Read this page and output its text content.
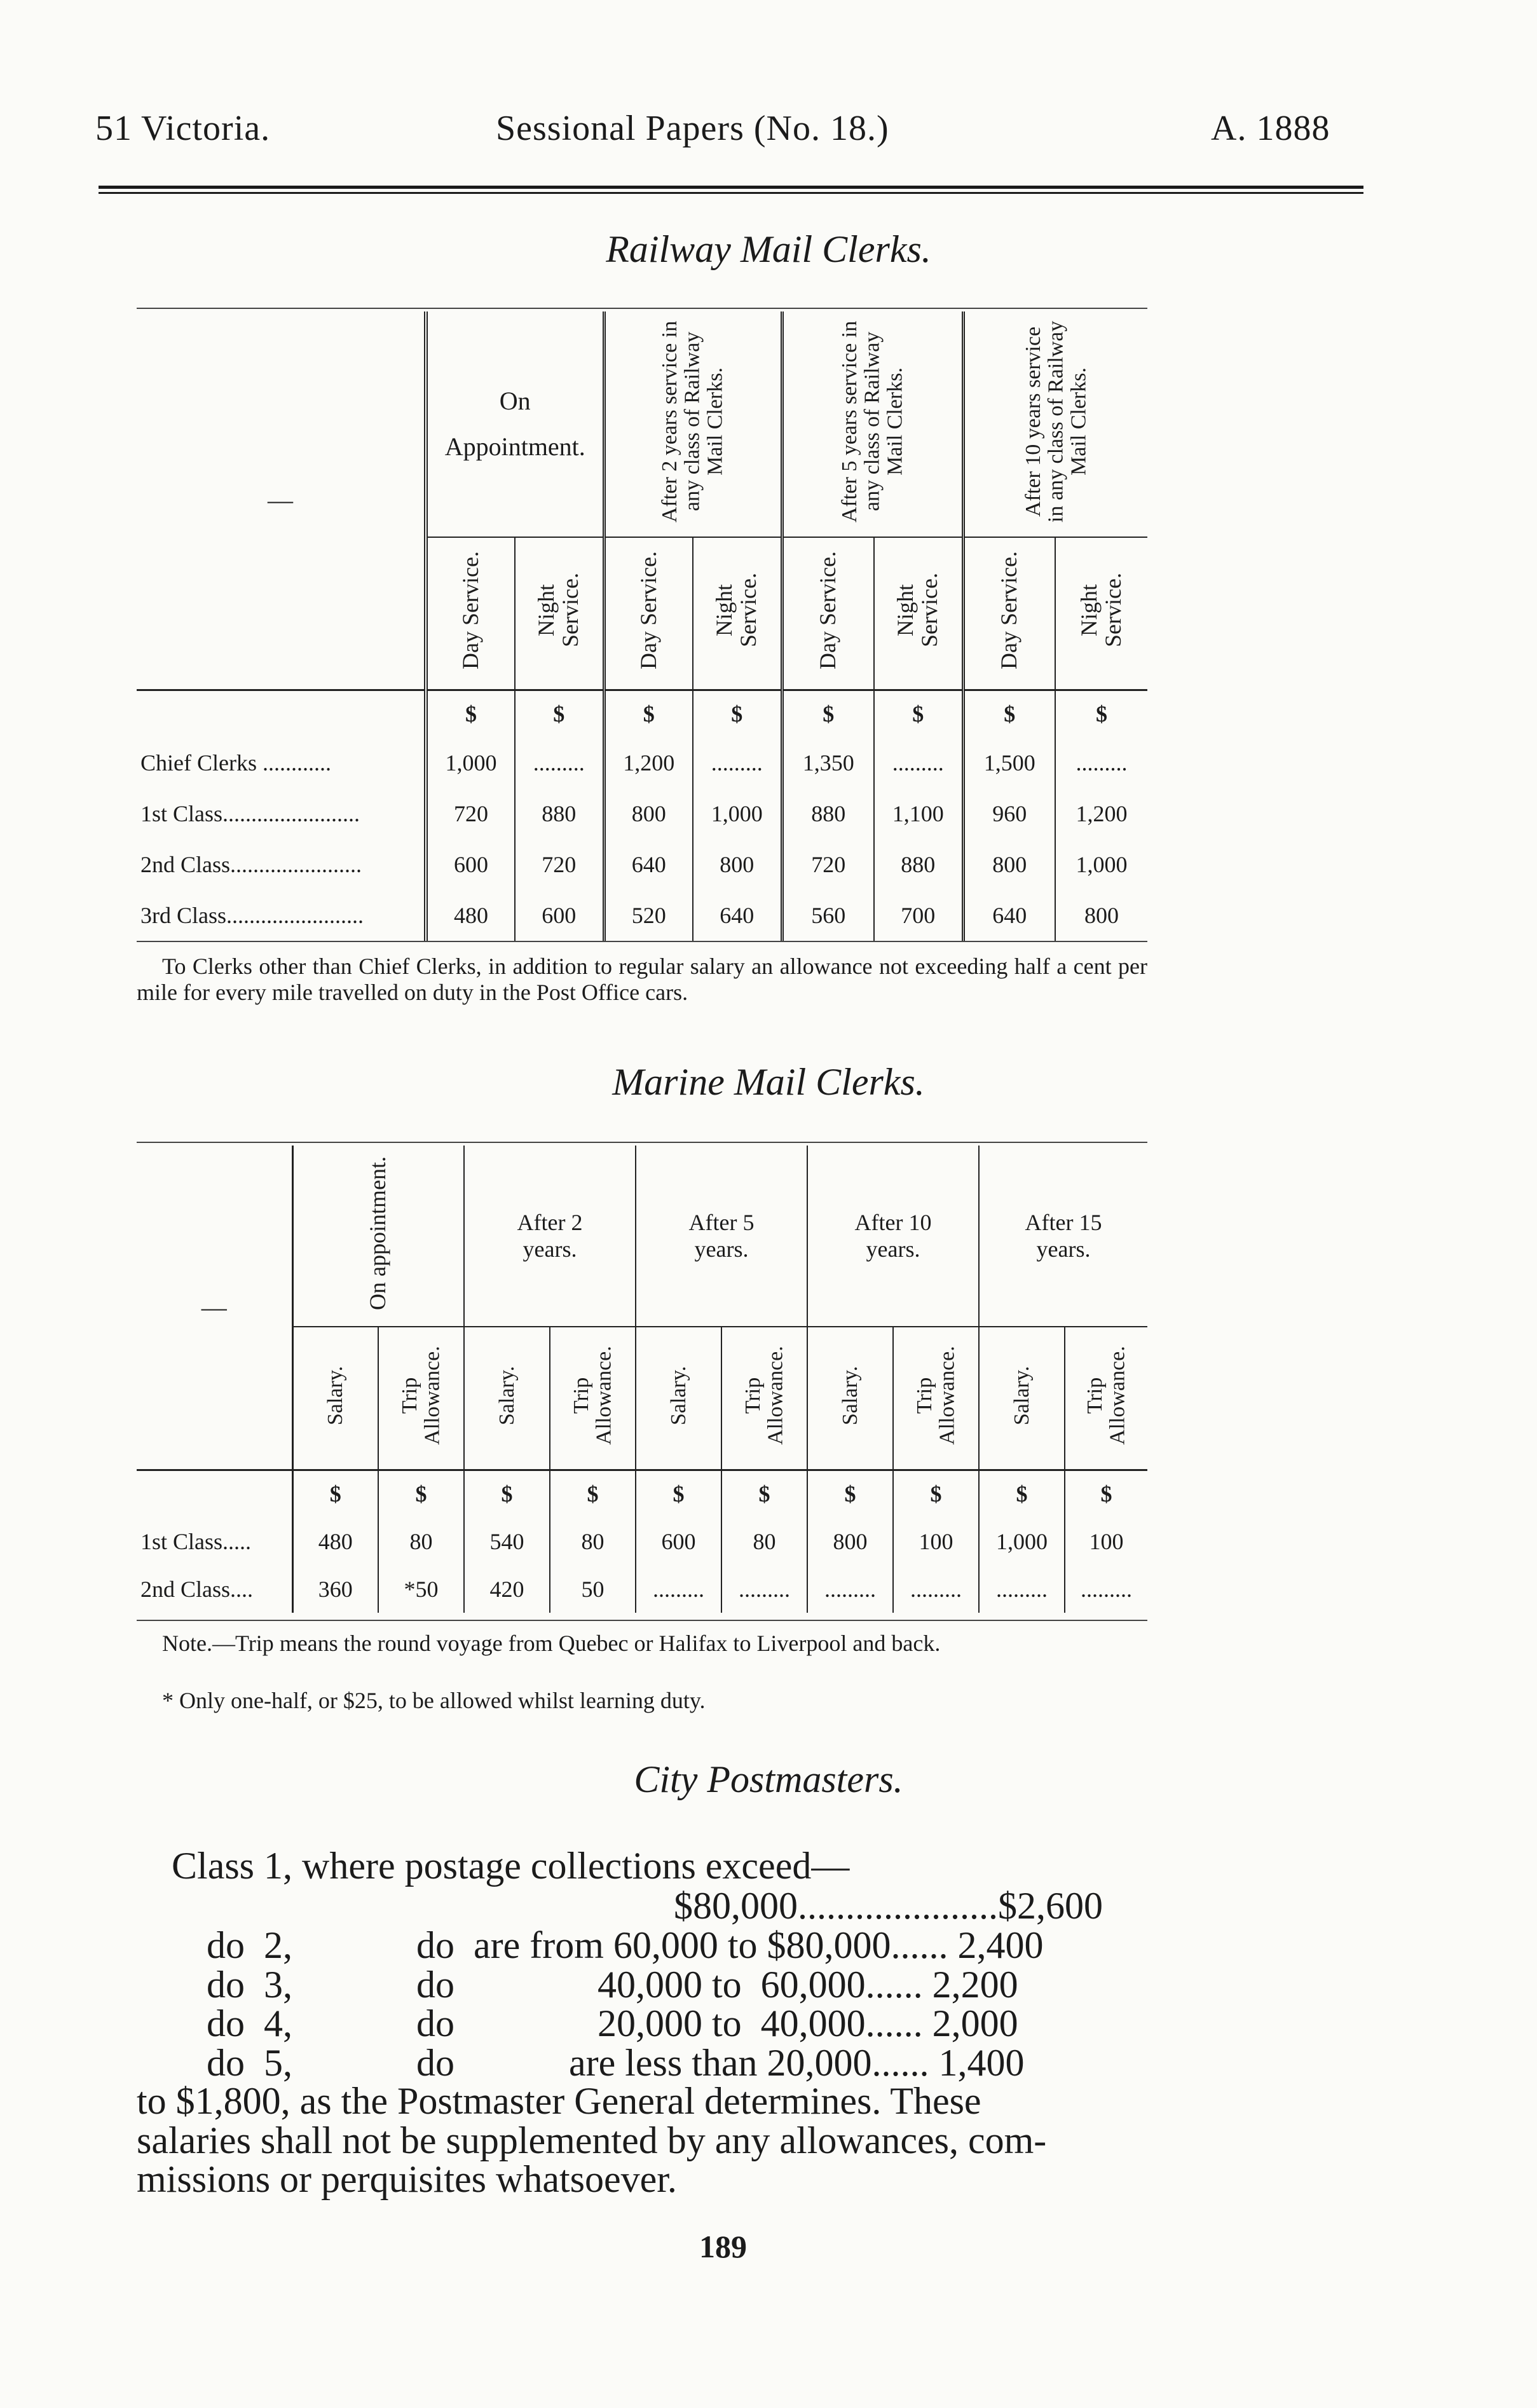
51 Victoria.	Sessional Papers (No. 18.)	A. 1888
Railway Mail Clerks.
—	On Appointment.		After 2 years service in any class of Railway Mail Clerks.		After 5 years service in any class of Railway Mail Clerks.		After 10 years service in any class of Railway Mail Clerks.	
	Day Service.	Night Service.	Day Service.	Night Service.	Day Service.	Night Service.	Day Service.	Night Service.
	$	$	$	$	$	$	$	$
Chief Clerks ............	1,000	.........	1,200	.........	1,350	.........	1,500	.........
1st Class........................	720	880	800	1,000	880	1,100	960	1,200
2nd Class.......................	600	720	640	800	720	880	800	1,000
3rd Class........................	480	600	520	640	560	700	640	800
To Clerks other than Chief Clerks, in addition to regular salary an allowance not exceeding half a cent per mile for every mile travelled on duty in the Post Office cars.
Marine Mail Clerks.
—	On appointment.		After 2 years.		After 5 years.		After 10 years.		After 15 years.	

	Salary.	Trip Allowance.	Salary.	Trip Allowance.	Salary.	Trip Allowance.	Salary.	Trip Allowance.	Salary.	Trip Allowance.
	$	$	$	$	$	$	$	$	$	$
1st Class.....	480	80	540	80	600	80	800	100	1,000	100
2nd Class....	360	*50	420	50	.........	.........	.........	.........	.........	.........
Note.—Trip means the round voyage from Quebec or Halifax to Liverpool and back.
* Only one-half, or $25, to be allowed whilst learning duty.
City Postmasters.
Class 1, where postage collections exceed—
$80,000.....................$2,600
do  2,             do  are from 60,000 to $80,000...... 2,400
do  3,             do               40,000 to  60,000...... 2,200
do  4,             do               20,000 to  40,000...... 2,000
do  5,             do            are less than 20,000...... 1,400
to $1,800, as the Postmaster General determines. These
salaries shall not be supplemented by any allowances, com-
missions or perquisites whatsoever.
189
